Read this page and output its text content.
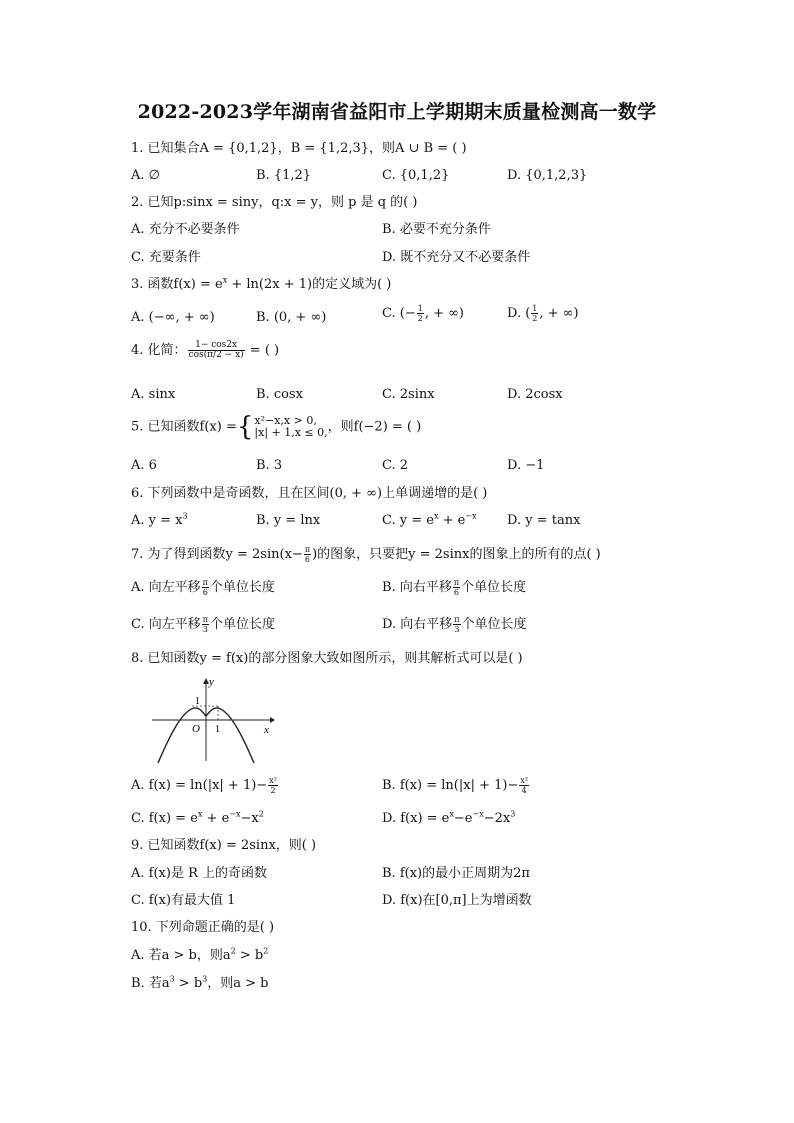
2022-2023学年湖南省益阳市上学期期末质量检测高一数学
1. 已知集合A = {0,1,2}，B = {1,2,3}，则A ∪ B = ( )
A. ∅	B. {1,2}	C. {0,1,2}	D. {0,1,2,3}
2. 已知p:sinx = siny，q:x = y，则 p 是 q 的( )
A. 充分不必要条件	B. 必要不充分条件
C. 充要条件	D. 既不充分又不必要条件
3. 函数$f(x) = e^x + \ln(2x + 1)$的定义域为( )
A. (−∞, + ∞)	B. (0, + ∞)	C. (− $\frac{1}{2}$ , + ∞)	D. ( $\frac{1}{2}$ , + ∞)
4. 化简： $\frac{1- \cos 2x}{\cos(\pi/2 - x)}$ = ( )
A. sinx	B. cosx	C. 2sinx	D. 2cosx
5. 已知函数f(x) ={ x²−x,x > 0,
|x| + 1,x ≤ 0, ，则f(−2) = ( )
A. 6	B. 3	C. 2	D. −1
6. 下列函数中是奇函数，且在区间(0, + ∞)上单调递增的是( )
A. $y = x^3$	B. y = lnx	C. $y = e^x + e^{-x}$ D. y = tanx
7. 为了得到函数$y = 2\sin(x- \frac{\pi}{6}$ )的图象，只要把y = 2sinx的图象上的所有的点( )
A. 向左平移 $\frac{\pi}{6}$ 个单位长度	B. 向右平移 $\frac{\pi}{6}$ 个单位长度
C. 向左平移 $\frac{\pi}{3}$ 个单位长度	D. 向右平移 $\frac{\pi}{3}$ 个单位长度
8. 已知函数y = f(x)的部分图象大致如图所示，则其解析式可以是( )
y
x
O 1
1
A. $f(x) = \ln(|x| + 1)- \frac{\text{x²}}{2}$	B. $f(x) = \ln(|x| + 1)- \frac{\text{x²}}{4}$
C. $f(x) = e^x + e^{-x}-x^2$	D. $f(x) = e^x-e^{-x}-2x^3$
9. 已知函数f(x) = 2sinx，则( )
A. f(x)是 R 上的奇函数	B. f(x)的最小正周期为2π
C. f(x)有最大值 1	D. f(x)在[0,π]上为增函数
10. 下列命题正确的是( )
A. 若a > b，则$a^2 > b^2$
B. 若$a^3 > b^3$，则a > b
